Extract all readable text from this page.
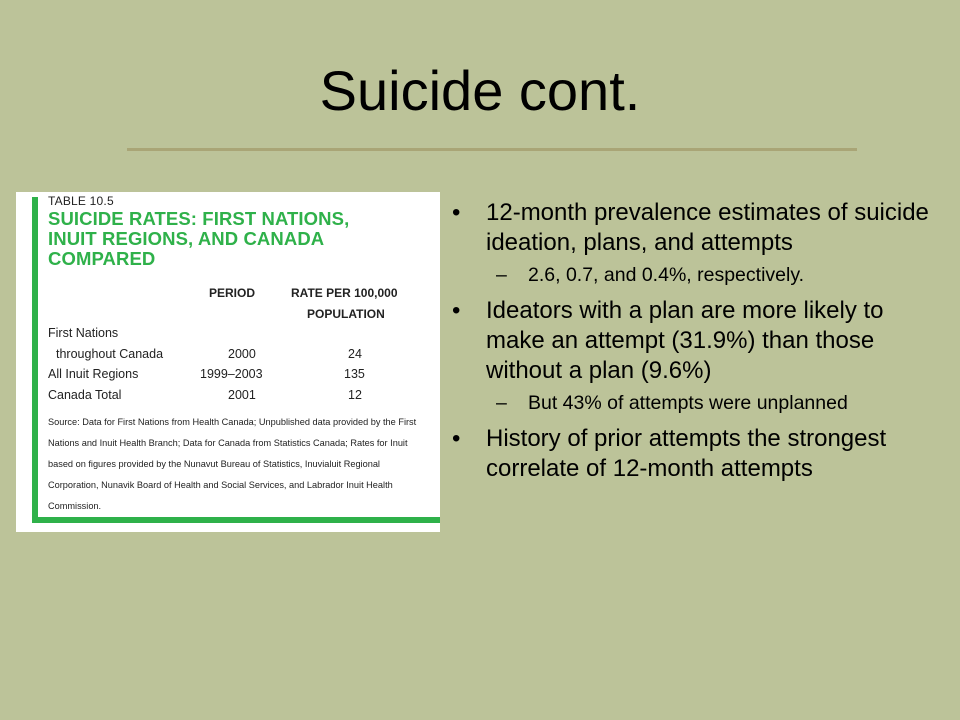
Suicide cont.
TABLE 10.5
SUICIDE RATES: FIRST NATIONS,
INUIT REGIONS, AND CANADA
COMPARED
PERIOD	RATE PER 100,000
POPULATION
First Nations
throughout Canada	2000	24
All Inuit Regions	1999–2003	135
Canada Total	2001	12
Source: Data for First Nations from Health Canada; Unpublished data provided by the First Nations and Inuit Health Branch; Data for Canada from Statistics Canada; Rates for Inuit based on figures provided by the Nunavut Bureau of Statistics, Inuvialuit Regional Corporation, Nunavik Board of Health and Social Services, and Labrador Inuit Health Commission.
• 12-month prevalence estimates of suicide ideation, plans, and attempts
– 2.6, 0.7, and 0.4%, respectively.
• Ideators with a plan are more likely to make an attempt (31.9%) than those without a plan (9.6%)
– But 43% of attempts were unplanned
• History of prior attempts the strongest correlate of 12-month attempts
